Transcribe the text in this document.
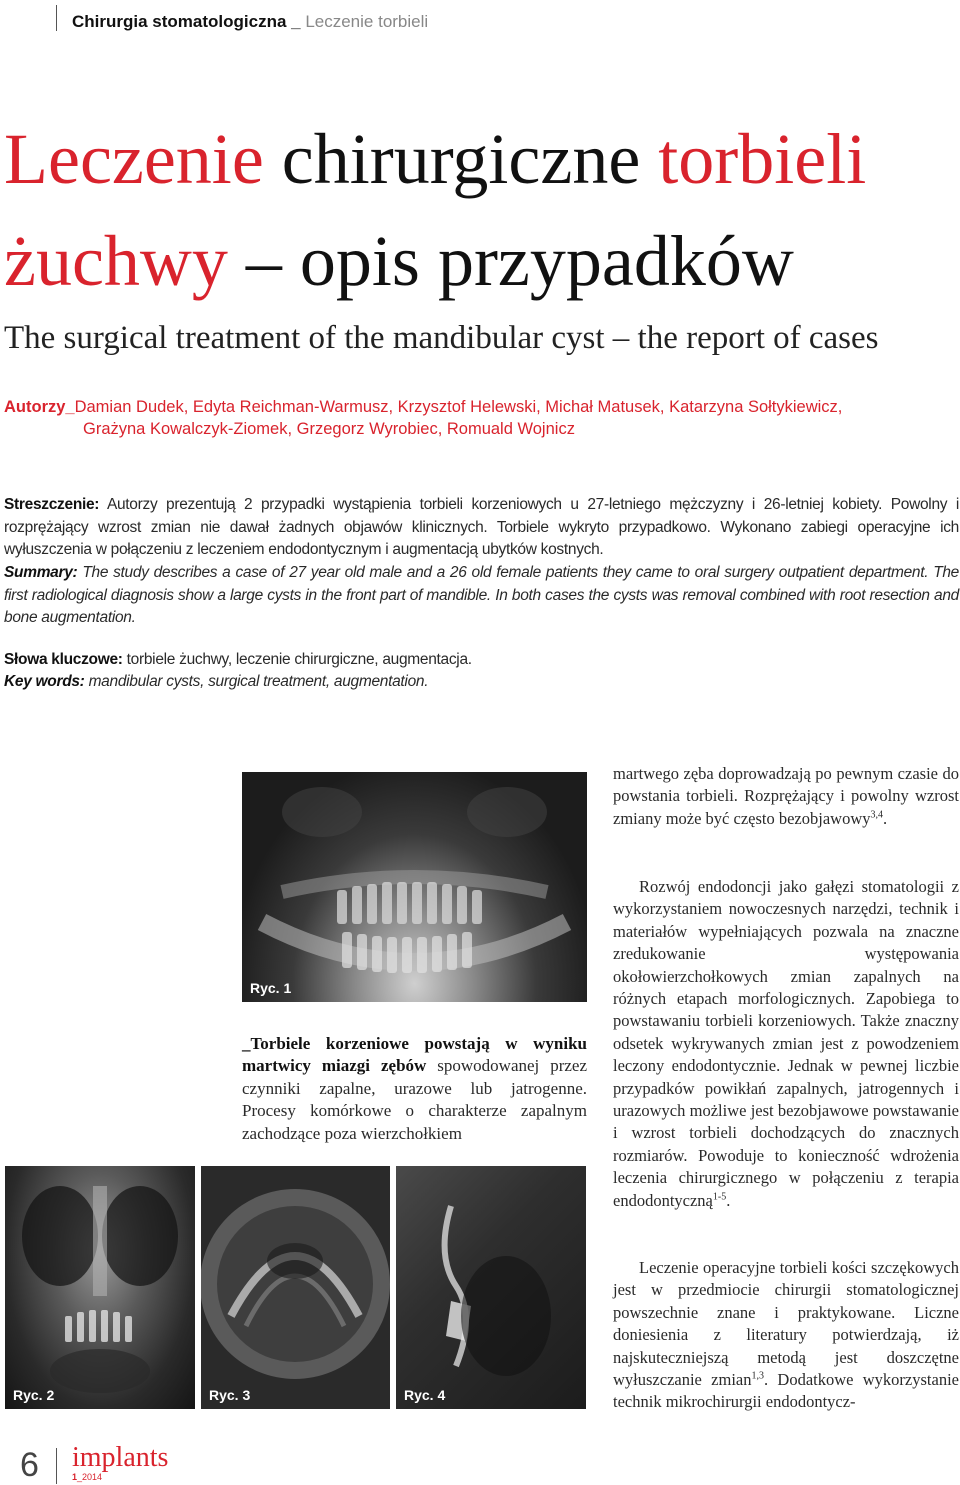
Chirurgia stomatologiczna _ Leczenie torbieli
Leczenie chirurgiczne torbieli
żuchwy – opis przypadków
The surgical treatment of the mandibular cyst – the report of cases
Autorzy_Damian Dudek, Edyta Reichman-Warmusz, Krzysztof Helewski, Michał Matusek, Katarzyna Sołtykiewicz,
Grażyna Kowalczyk-Ziomek, Grzegorz Wyrobiec, Romuald Wojnicz
Streszczenie: Autorzy prezentują 2 przypadki wystąpienia torbieli korzeniowych u 27-letniego mężczyzny i 26-letniej kobiety. Powolny i rozprężający wzrost zmian nie dawał żadnych objawów klinicznych. Torbiele wykryto przypadkowo. Wykonano zabiegi operacyjne ich wyłuszczenia w połączeniu z leczeniem endodontycznym i augmentacją ubytków kostnych.
Summary: The study describes a case of 27 year old male and a 26 old female patients they came to oral surgery outpatient department. The first radiological diagnosis show a large cysts in the front part of mandible. In both cases the cysts was removal combined with root resection and bone augmentation.
Słowa kluczowe: torbiele żuchwy, leczenie chirurgiczne, augmentacja.
Key words: mandibular cysts, surgical treatment, augmentation.
Ryc. 1
_Torbiele korzeniowe powstają w wyniku martwicy miazgi zębów spowodowanej przez czynniki zapalne, urazowe lub jatrogenne. Procesy komórkowe o charakterze zapalnym zachodzące poza wierzchołkiem
Ryc. 2	Ryc. 3	Ryc. 4

martwego zęba doprowadzają po pewnym czasie do powstania torbieli. Rozprężający i powolny wzrost zmiany może być często bezobjawowy$^{3,4}$.

Rozwój endodoncji jako gałęzi stomatologii z wykorzystaniem nowoczesnych narzędzi, technik i materiałów wypełniających pozwala na znaczne zredukowanie występowania okołowierzchołkowych zmian zapalnych na różnych etapach morfologicznych. Zapobiega to powstawaniu torbieli korzeniowych. Także znaczny odsetek wykrywanych zmian jest z powodzeniem leczony endodontycznie. Jednak w pewnej liczbie przypadków powikłań zapalnych, jatrogennych i urazowych możliwe jest bezobjawowe powstawanie i wzrost torbieli dochodzących do znacznych rozmiarów. Powoduje to konieczność wdrożenia leczenia chirurgicznego w połączeniu z terapia endodontyczną$^{1-5}$.

Leczenie operacyjne torbieli kości szczękowych jest w przedmiocie chirurgii stomatologicznej powszechnie znane i praktykowane. Liczne doniesienia z literatury potwierdzają, iż najskuteczniejszą metodą jest doszczętne wyłuszczanie zmian$^{1,3}$. Dodatkowe wykorzystanie technik mikrochirurgii endodontycz-

6 implants
1_2014
